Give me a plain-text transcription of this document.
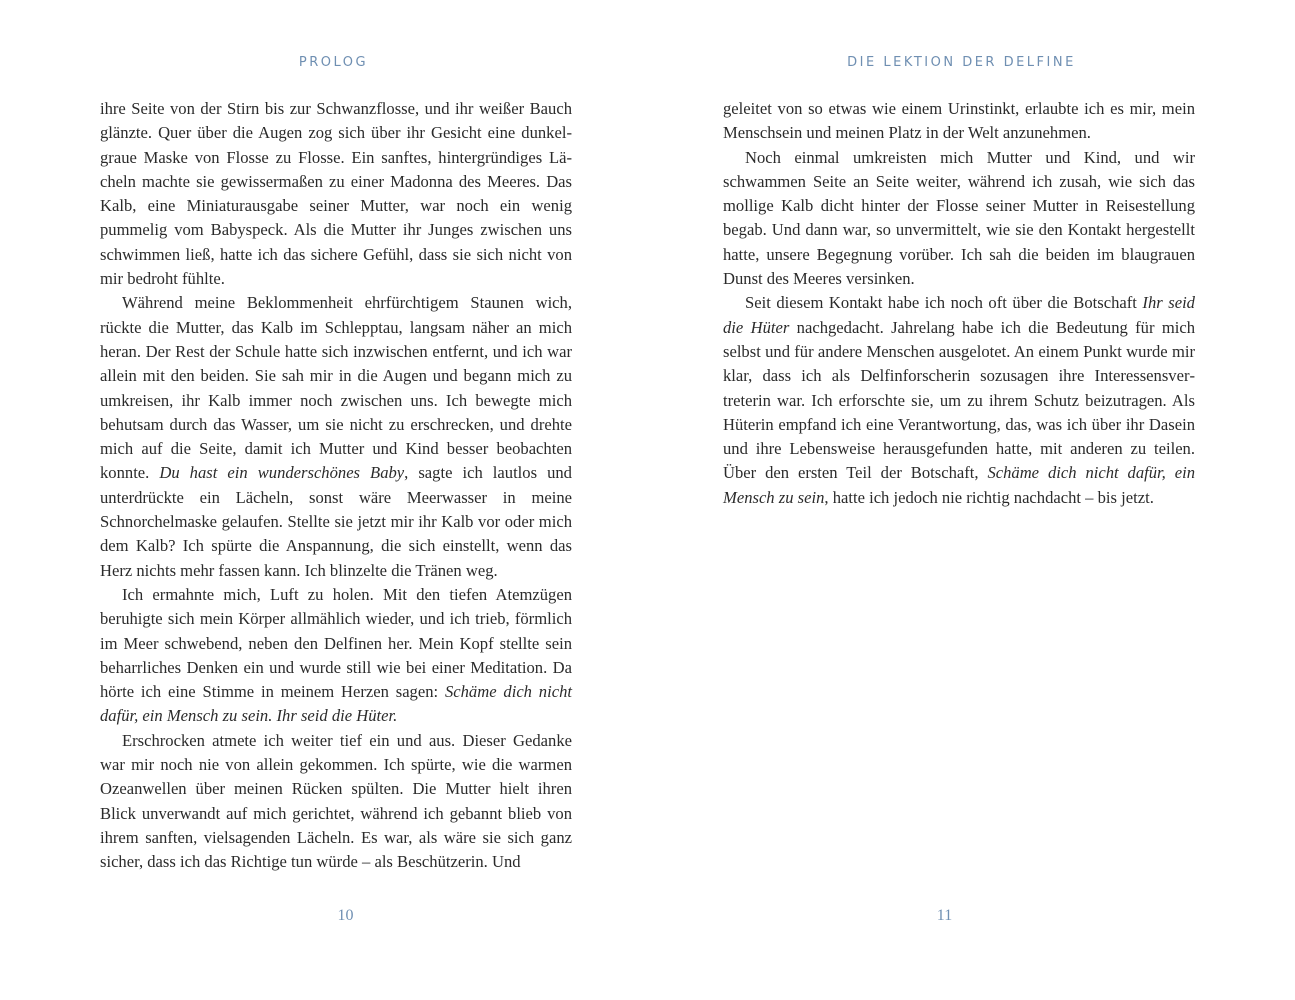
PROLOG

ihre Seite von der Stirn bis zur Schwanzflosse, und ihr weißer Bauch glänzte. Quer über die Augen zog sich über ihr Gesicht eine dunkelgraue Maske von Flosse zu Flosse. Ein sanftes, hintergründiges Lächeln machte sie gewissermaßen zu einer Madonna des Meeres. Das Kalb, eine Miniaturausgabe seiner Mutter, war noch ein wenig pummelig vom Babyspeck. Als die Mutter ihr Junges zwischen uns schwimmen ließ, hatte ich das sichere Gefühl, dass sie sich nicht von mir bedroht fühlte.

Während meine Beklommenheit ehrfürchtigem Staunen wich, rückte die Mutter, das Kalb im Schlepptau, langsam näher an mich heran. Der Rest der Schule hatte sich inzwischen entfernt, und ich war allein mit den beiden. Sie sah mir in die Augen und begann mich zu umkreisen, ihr Kalb immer noch zwischen uns. Ich bewegte mich behutsam durch das Wasser, um sie nicht zu erschrecken, und drehte mich auf die Seite, damit ich Mutter und Kind besser beobachten konnte. Du hast ein wunderschönes Baby, sagte ich lautlos und unterdrückte ein Lächeln, sonst wäre Meerwasser in meine Schnorchelmaske gelaufen. Stellte sie jetzt mir ihr Kalb vor oder mich dem Kalb? Ich spürte die Anspannung, die sich einstellt, wenn das Herz nichts mehr fassen kann. Ich blinzelte die Tränen weg.

Ich ermahnte mich, Luft zu holen. Mit den tiefen Atemzügen beruhigte sich mein Körper allmählich wieder, und ich trieb, förmlich im Meer schwebend, neben den Delfinen her. Mein Kopf stellte sein beharrliches Denken ein und wurde still wie bei einer Meditation. Da hörte ich eine Stimme in meinem Herzen sagen: Schäme dich nicht dafür, ein Mensch zu sein. Ihr seid die Hüter.

Erschrocken atmete ich weiter tief ein und aus. Dieser Gedanke war mir noch nie von allein gekommen. Ich spürte, wie die warmen Ozeanwellen über meinen Rücken spülten. Die Mutter hielt ihren Blick unverwandt auf mich gerichtet, während ich gebannt blieb von ihrem sanften, vielsagenden Lächeln. Es war, als wäre sie sich ganz sicher, dass ich das Richtige tun würde – als Beschützerin. Und

10
DIE LEKTION DER DELFINE

geleitet von so etwas wie einem Urinstinkt, erlaubte ich es mir, mein Menschsein und meinen Platz in der Welt anzunehmen.

Noch einmal umkreisten mich Mutter und Kind, und wir schwammen Seite an Seite weiter, während ich zusah, wie sich das mollige Kalb dicht hinter der Flosse seiner Mutter in Reisestellung begab. Und dann war, so unvermittelt, wie sie den Kontakt hergestellt hatte, unsere Begegnung vorüber. Ich sah die beiden im blaugrauen Dunst des Meeres versinken.

Seit diesem Kontakt habe ich noch oft über die Botschaft Ihr seid die Hüter nachgedacht. Jahrelang habe ich die Bedeutung für mich selbst und für andere Menschen ausgelotet. An einem Punkt wurde mir klar, dass ich als Delfinforscherin sozusagen ihre Interessensvertreterin war. Ich erforschte sie, um zu ihrem Schutz beizutragen. Als Hüterin empfand ich eine Verantwortung, das, was ich über ihr Dasein und ihre Lebensweise herausgefunden hatte, mit anderen zu teilen. Über den ersten Teil der Botschaft, Schäme dich nicht dafür, ein Mensch zu sein, hatte ich jedoch nie richtig nachdacht – bis jetzt.

11
